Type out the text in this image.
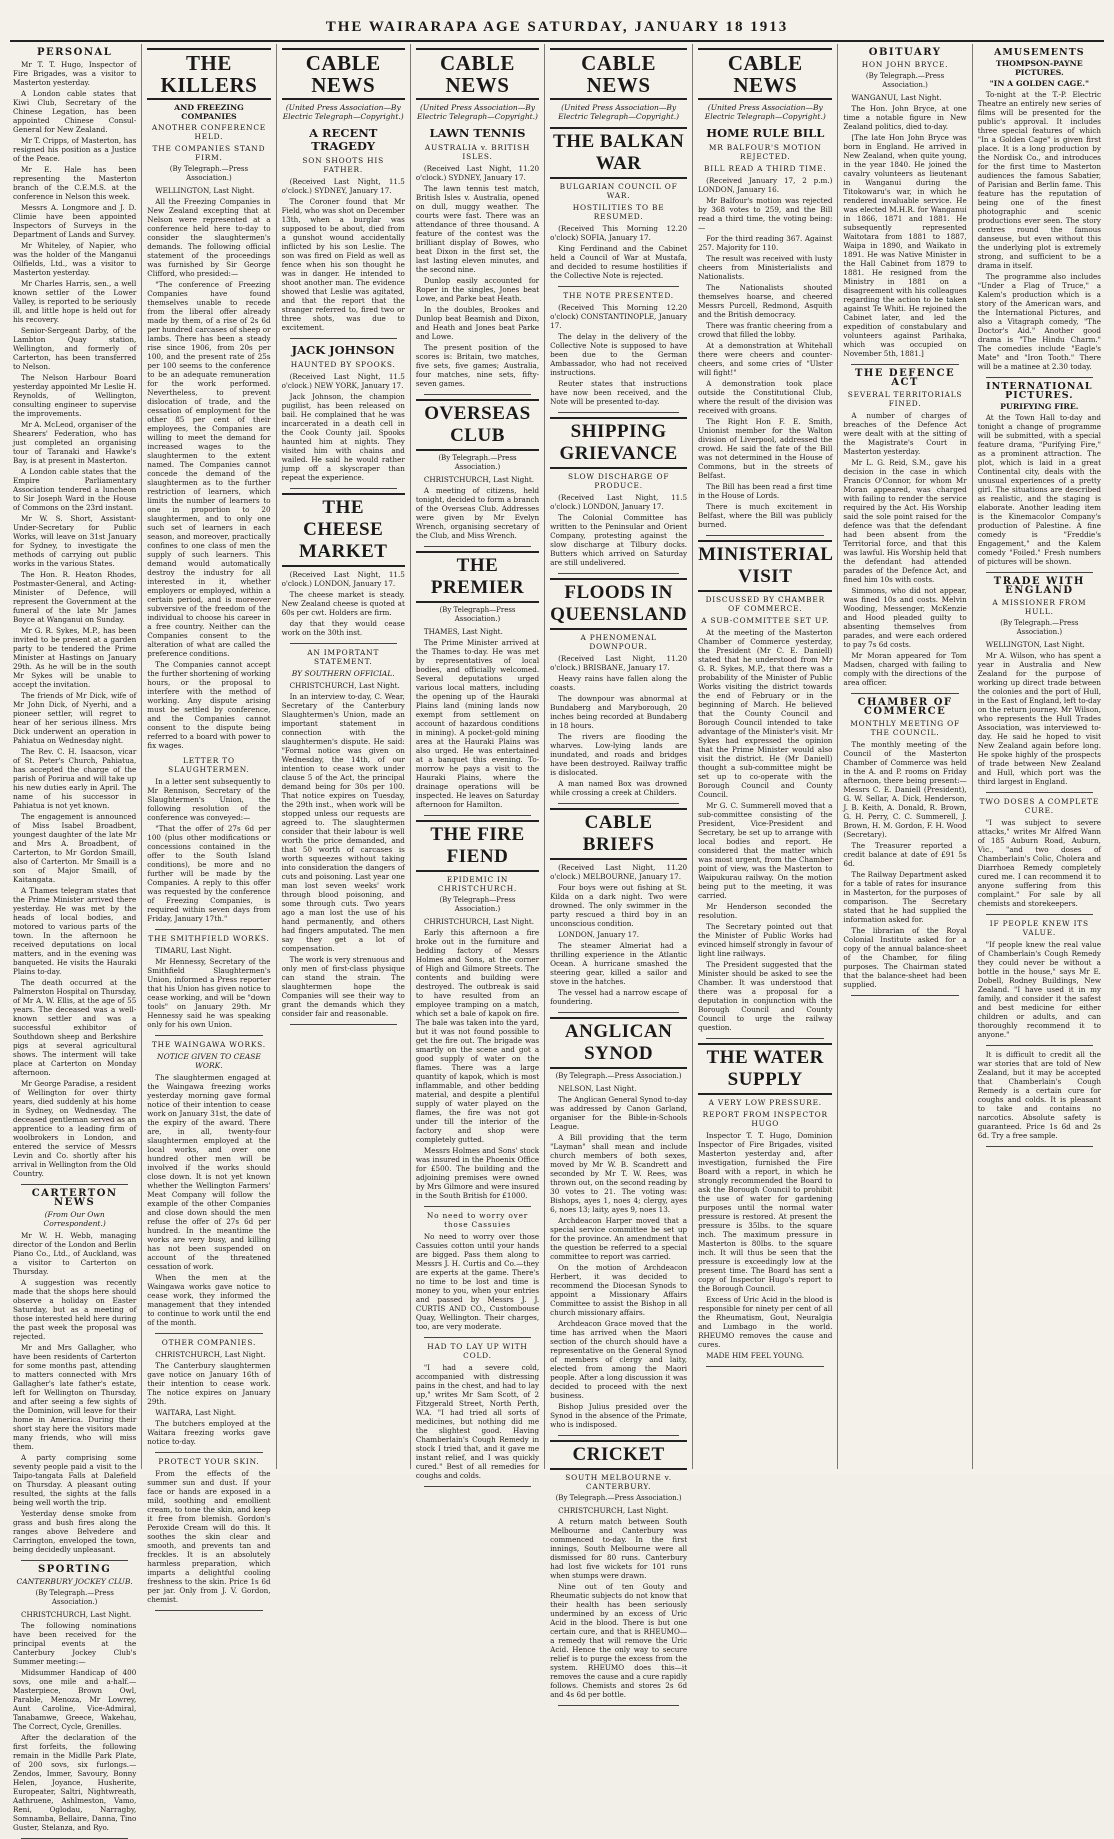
THE WAIRARAPA AGE SATURDAY, JANUARY 18 1913
PERSONAL

Mr T. T. Hugo, Inspector of Fire Brigades, was a visitor to Masterton yesterday.

A London cable states that Kiwi Club, Secretary of the Chinese Legation, has been appointed Chinese Consul-General for New Zealand.

Mr T. Cripps, of Masterton, has resigned his position as a Justice of the Peace.

Mr E. Hale has been representing the Masterton branch of the C.E.M.S. at the conference in Nelson this week.

Messrs A. Longmore and J. D. Climie have been appointed Inspectors of Surveys in the Department of Lands and Survey.

Mr Whiteley, of Napier, who was the holder of the Manganui Oilfields, Ltd., was a visitor to Masterton yesterday.

Mr Charles Harris, sen., a well known settler of the Lower Valley, is reported to be seriously ill, and little hope is held out for his recovery.

Senior-Sergeant Darby, of the Lambton Quay station, Wellington, and formerly of Carterton, has been transferred to Nelson.

The Nelson Harbour Board yesterday appointed Mr Leslie H. Reynolds, of Wellington, consulting engineer to supervise the improvements.

Mr A. McLeod, organiser of the Shearers' Federation, who has just completed an organising tour of Taranaki and Hawke's Bay, is at present in Masterton.

A London cable states that the Empire Parliamentary Association tendered a luncheon to Sir Joseph Ward in the House of Commons on the 23rd instant.

Mr W. S. Short, Assistant-Under-Secretary for Public Works, will leave on 31st January for Sydney, to investigate the methods of carrying out public works in the various States.

The Hon. R. Heaton Rhodes, Postmaster-General, and Acting-Minister of Defence, will represent the Government at the funeral of the late Mr James Boyce at Wanganui on Sunday.

Mr G. R. Sykes, M.P., has been invited to be present at a garden party to be tendered the Prime Minister at Hastings on January 29th. As he will be in the south Mr Sykes will be unable to accept the invitation.

The friends of Mr Dick, wife of Mr John Dick, of Nyerhi, and a pioneer settler, will regret to hear of her serious illness. Mrs Dick underwent an operation in Pahiatua on Wednesday night.

The Rev. C. H. Isaacson, vicar of St. Peter's Church, Pahiatua, has accepted the charge of the parish of Porirua and will take up his new duties early in April. The name of his successor in Pahiatua is not yet known.

The engagement is announced of Miss Isabel Broadbent, youngest daughter of the late Mr and Mrs A. Broadbent, of Carterton, to Mr Gordon Smaill, also of Carterton. Mr Smaill is a son of Major Smaill, of Kaitangata.

A Thames telegram states that the Prime Minister arrived there yesterday. He was met by the heads of local bodies, and motored to various parts of the town. In the afternoon he received deputations on local matters, and in the evening was banqueted. He visits the Hauraki Plains to-day.

The death occurred at the Palmerston Hospital on Thursday, of Mr A. W. Ellis, at the age of 55 years. The deceased was a well-known settler and was a successful exhibitor of Southdown sheep and Berkshire pigs at several agricultural shows. The interment will take place at Carterton on Monday afternoon.

Mr George Paradise, a resident of Wellington for over thirty years, died suddenly at his home in Sydney, on Wednesday. The deceased gentleman served as an apprentice to a leading firm of woolbrokers in London, and entered the service of Messrs Levin and Co. shortly after his arrival in Wellington from the Old Country.

CARTERTON NEWS
(From Our Own Correspondent.)

Mr W. H. Webb, managing director of the London and Berlin Piano Co., Ltd., of Auckland, was a visitor to Carterton on Thursday.

A suggestion was recently made that the shops here should observe a holiday on Easter Saturday, but as a meeting of those interested held here during the past week the proposal was rejected.

Mr and Mrs Gallagher, who have been residents of Carterton for some months past, attending to matters connected with Mrs Gallagher's late father's estate, left for Wellington on Thursday, and after seeing a few sights of the Dominion, will leave for their home in America. During their short stay here the visitors made many friends, who will miss them.

A party comprising some seventy people paid a visit to the Taipo-tangata Falls at Dalefield on Thursday. A pleasant outing resulted, the sights at the falls being well worth the trip.

Yesterday dense smoke from grass and bush fires along the ranges above Belvedere and Carrington, enveloped the town, being decidedly unpleasant.

SPORTING
CANTERBURY JOCKEY CLUB.
(By Telegraph.—Press Association.)

CHRISTCHURCH, Last Night.

The following nominations have been received for the principal events at the Canterbury Jockey Club's Summer meeting:—

Midsummer Handicap of 400 sovs, one mile and a-half.—Masterpiece, Brown Owl, Parable, Menoza, Mr Lowrey, Aunt Caroline, Vice-Admiral, Tanabamwe, Greece, Wakehau, The Correct, Cycle, Grenilles.

After the declaration of the first forfeits, the following remain in the Midlle Park Plate, of 200 sovs, six furlongs.—Zendos, Immer, Savoury, Bonny Helen, Joyance, Husherite, Europeater, Saltri, Nightwreath, Aathruene, Ashlmeston, Vamo, Reni, Oglodau, Narragby, Somnamba, Bellaire, Danna, Tino Guster, Stelanza, and Ryo.

THE KILLERS
AND FREEZING COMPANIES
ANOTHER CONFERENCE HELD.
THE COMPANIES STAND FIRM.
(By Telegraph.—Press Association.)

WELLINGTON, Last Night.

All the Freezing Companies in New Zealand excepting that at Nelson were represented at a conference held here to-day to consider the slaughtermen's demands. The following official statement of the proceedings was furnished by Sir George Clifford, who presided:—

"The conference of Freezing Companies have found themselves unable to recede from the liberal offer already made by them, of a rise of 2s 6d per hundred carcases of sheep or lambs. There has been a steady rise since 1906, from 20s per 100, and the present rate of 25s per 100 seems to the conference to be an adequate remuneration for the work performed. Nevertheless, to prevent dislocation of trade, and the cessation of employment for the other 85 per cent of their employees, the Companies are willing to meet the demand for increased wages to the slaughtermen to the extent named. The Companies cannot concede the demand of the slaughtermen as to the further restriction of learners, which limits the number of learners to one in proportion to 20 slaughtermen, and to only one such set of learners in each season, and moreover, practically confines to one class of men the supply of such learners. This demand would automatically destroy the industry for all interested in it, whether employers or employed, within a certain period, and is moreover subversive of the freedom of the individual to choose his career in a free country. Neither can the Companies consent to the alteration of what are called the preference conditions.

The Companies cannot accept the further shortening of working hours, or the proposal to interfere with the method of working. Any dispute arising must be settled by conference, and the Companies cannot consent to the dispute being referred to a board with power to fix wages.

LETTER TO SLAUGHTERMEN.

In a letter sent subsequently to Mr Rennison, Secretary of the Slaughtermen's Union, the following resolution of the conference was conveyed:—

"That the offer of 27s 6d per 100 (plus other modifications or concessions contained in the offer to the South Island conditions), be more and no further will be made by the Companies. A reply to this offer was requested by the conference of Freezing Companies, is required within seven days from Friday, January 17th."

THE SMITHFIELD WORKS.

TIMARU, Last Night.

Mr Hennessy, Secretary of the Smithfield Slaughtermen's Union, informed a Press reporter that his Union has given notice to cease working, and will be "down tools" on January 29th. Mr Hennessy said he was speaking only for his own Union.

THE WAINGAWA WORKS.
NOTICE GIVEN TO CEASE WORK.

The slaughtermen engaged at the Waingawa freezing works yesterday morning gave formal notice of their intention to cease work on January 31st, the date of the expiry of the award. There are, in all, twenty-four slaughtermen employed at the local works, and over one hundred other men will be involved if the works should close down. It is not yet known whether the Wellington Farmers' Meat Company will follow the example of the other Companies and close down should the men refuse the offer of 27s 6d per hundred. In the meantime the works are very busy, and killing has not been suspended on account of the threatened cessation of work.

When the men at the Waingawa works gave notice to cease work, they informed the management that they intended to continue to work until the end of the month.

OTHER COMPANIES.

CHRISTCHURCH, Last Night.

The Canterbury slaughtermen gave notice on January 16th of their intention to cease work. The notice expires on January 29th.

WAITARA, Last Night.

The butchers employed at the Waitara freezing works gave notice to-day.

PROTECT YOUR SKIN.

From the effects of the summer sun and dust. If your face or hands are exposed in a mild, soothing and emollient cream, to tone the skin, and keep it free from blemish. Gordon's Peroxide Cream will do this. It soothes the skin clear and smooth, and prevents tan and freckles. It is an absolutely harmless preparation, which imparts a delightful cooling freshness to the skin. Price 1s 6d per jar. Only from J. V. Gordon, chemist.

CABLE NEWS
(United Press Association—By Electric Telegraph—Copyright.)
A RECENT TRAGEDY
SON SHOOTS HIS FATHER.

(Received Last Night, 11.5 o'clock.) SYDNEY, January 17.

The Coroner found that Mr Field, who was shot on December 13th, when a burglar was supposed to be about, died from a gunshot wound accidentally inflicted by his son Leslie. The son was fired on Field as well as fence when his son thought he was in danger. He intended to shoot another man. The evidence showed that Leslie was agitated, and that the report that the stranger referred to, fired two or three shots, was due to excitement.

JACK JOHNSON
HAUNTED BY SPOOKS.

(Received Last Night, 11.5 o'clock.) NEW YORK, January 17.

Jack Johnson, the champion pugilist, has been released on bail. He complained that he was incarcerated in a death cell in the Cook County jail. Spooks haunted him at nights. They visited him with chains and wailed. He said he would rather jump off a skyscraper than repeat the experience.

THE CHEESE MARKET

(Received Last Night, 11.5 o'clock.) LONDON, January 17.

The cheese market is steady. New Zealand cheese is quoted at 60s per cwt. Holders are firm.

day that they would cease work on the 30th inst.

AN IMPORTANT STATEMENT.
BY SOUTHERN OFFICIAL.

CHRISTCHURCH, Last Night.

In an interview to-day, C. Wear, Secretary of the Canterbury Slaughtermen's Union, made an important statement in connection with the slaughtermen's dispute. He said: "Formal notice was given on Wednesday, the 14th, of our intention to cease work under clause 5 of the Act, the principal demand being for 30s per 100. That notice expires on Tuesday, the 29th inst., when work will be stopped unless our requests are agreed to. The slaughtermen consider that their labour is well worth the price demanded, and that 50 worth of carcases is worth squeezes without taking into consideration the dangers of cuts and poisoning. Last year one man lost seven weeks' work through blood poisoning, and some through cuts. Two years ago a man lost the use of his hand permanently, and others had fingers amputated. The men say they get a lot of compensation.

The work is very strenuous and only men of first-class physique can stand the strain. The slaughtermen hope the Companies will see their way to grant the demands which they consider fair and reasonable.

CABLE NEWS
(United Press Association—By Electric Telegraph—Copyright.)
LAWN TENNIS
AUSTRALIA v. BRITISH ISLES.

(Received Last Night, 11.20 o'clock.) SYDNEY, January 17.

The lawn tennis test match, British Isles v. Australia, opened on dull, muggy weather. The courts were fast. There was an attendance of three thousand. A feature of the contest was the brilliant display of Bowes, who beat Dixon in the first set, the last lasting eleven minutes, and the second nine.

Dunlop easily accounted for Roper in the singles, Jones beat Lowe, and Parke beat Heath.

In the doubles, Brookes and Dunlop beat Beamish and Dixon, and Heath and Jones beat Parke and Lowe.

The present position of the scores is: Britain, two matches, five sets, five games; Australia, four matches, nine sets, fifty-seven games.

OVERSEAS CLUB
(By Telegraph.—Press Association.)

CHRISTCHURCH, Last Night.

A meeting of citizens, held tonight, decided to form a branch of the Overseas Club. Addresses were given by Mr Evelyn Wrench, organising secretary of the Club, and Miss Wrench.

THE PREMIER
(By Telegraph—Press Association.)

THAMES, Last Night.

The Prime Minister arrived at the Thames to-day. He was met by representatives of local bodies, and officially welcomed. Several deputations urged various local matters, including the opening up of the Hauraki Plains land (mining lands now exempt from settlement on account of hazardous conditions in mining). A pocket-gold mining area at the Hauraki Plains was also urged. He was entertained at a banquet this evening. To-morrow he pays a visit to the Hauraki Plains, where the drainage operations will be inspected. He leaves on Saturday afternoon for Hamilton.

THE FIRE FIEND
EPIDEMIC IN CHRISTCHURCH.
(By Telegraph—Press Association.)

CHRISTCHURCH, Last Night.

Early this afternoon a fire broke out in the furniture and bedding factory of Messrs Holmes and Sons, at the corner of High and Gilmore Streets. The contents and building were destroyed. The outbreak is said to have resulted from an employee tramping on a match, which set a bale of kapok on fire. The bale was taken into the yard, but it was not found possible to get the fire out. The brigade was smartly on the scene and got a good supply of water on the flames. There was a large quantity of kapok, which is most inflammable, and other bedding material, and despite a plentiful supply of water played on the flames, the fire was not got under till the interior of the factory and shop were completely gutted.

Messrs Holmes and Sons' stock was insured in the Phoenix Office for £500. The building and the adjoining premises were owned by Mrs Gilmore and were insured in the South British for £1000.

No need to worry over those Cassuies

No need to worry over those Cassuies cotton until your hands are bigged. Pass them along to Messrs J. H. Curtis and Co.—they are experts at the game. There's no time to be lost and time is money to you, when your entries and passed by Messrs J. J. CURTIS AND CO., Custombouse Quay, Wellington. Their charges, too, are very moderate.

HAD TO LAY UP WITH COLD.

"I had a severe cold, accompanied with distressing pains in the chest, and had to lay up," writes Mr Sam Scott, of 2 Fitzgerald Street, North Perth, W.A. "I had tried all sorts of medicines, but nothing did me the slightest good. Having Chamberlain's Cough Remedy in stock I tried that, and it gave me instant relief, and I was quickly cured." Best of all remedies for coughs and colds.

CABLE NEWS
(United Press Association—By Electric Telegraph—Copyright.)
THE BALKAN WAR
BULGARIAN COUNCIL OF WAR.
HOSTILITIES TO BE RESUMED.

(Received This Morning 12.20 o'clock) SOFIA, January 17.

King Ferdinand and the Cabinet held a Council of War at Mustafa, and decided to resume hostilities if the Collective Note is rejected.

THE NOTE PRESENTED.

(Received This Morning 12.20 o'clock) CONSTANTINOPLE, January 17.

The delay in the delivery of the Collective Note is supposed to have been due to the German Ambassador, who had not received instructions.

Reuter states that instructions have now been received, and the Note will be presented to-day.

SHIPPING GRIEVANCE
SLOW DISCHARGE OF PRODUCE.

(Received Last Night, 11.5 o'clock.) LONDON, January 17.

The Colonial Committee has written to the Peninsular and Orient Company, protesting against the slow discharge at Tilbury docks. Butters which arrived on Saturday are still undelivered.

FLOODS IN QUEENSLAND
A PHENOMENAL DOWNPOUR.

(Received Last Night, 11.20 o'clock.) BRISBANE, January 17.

Heavy rains have fallen along the coasts.

The downpour was abnormal at Bundaberg and Maryborough, 20 inches being recorded at Bundaberg in 18 hours.

The rivers are flooding the wharves. Low-lying lands are inundated, and roads and bridges have been destroyed. Railway traffic is dislocated.

A man named Box was drowned while crossing a creek at Childers.

CABLE BRIEFS

(Received Last Night, 11.20 o'clock.) MELBOURNE, January 17.

Four boys were out fishing at St. Kilda on a dark night. Two were drowned. The only swimmer in the party rescued a third boy in an unconscious condition.

LONDON, January 17.

The steamer Almeriat had a thrilling experience in the Atlantic Ocean. A hurricane smashed the steering gear, killed a sailor and stove in the hatches.

The vessel had a narrow escape of foundering.

ANGLICAN SYNOD
(By Telegraph.—Press Association.)

NELSON, Last Night.

The Anglican General Synod to-day was addressed by Canon Garland, organiser for the Bible-in-Schools League.

A Bill providing that the term "Layman" shall mean and include church members of both sexes, moved by Mr W. B. Scandrett and seconded by Mr T. W. Rees, was thrown out, on the second reading by 30 votes to 21. The voting was: Bishops, ayes 1, noes 4; clergy, ayes 6, noes 13; laity, ayes 9, noes 13.

Archdeacon Harper moved that a special service committee be set up for the province. An amendment that the question be referred to a special committee to report was carried.

On the motion of Archdeacon Herbert, it was decided to recommend the Diocesan Synods to appoint a Missionary Affairs Committee to assist the Bishop in all church missionary affairs.

Archdeacon Grace moved that the time has arrived when the Maori section of the church should have a representative on the General Synod of members of clergy and laity, elected from among the Maori people. After a long discussion it was decided to proceed with the next business.

Bishop Julius presided over the Synod in the absence of the Primate, who is indisposed.

CRICKET
SOUTH MELBOURNE v. CANTERBURY.
(By Telegraph.—Press Association.)

CHRISTCHURCH, Last Night.

A return match between South Melbourne and Canterbury was commenced to-day. In the first innings, South Melbourne were all dismissed for 80 runs. Canterbury had lost five wickets for 101 runs when stumps were drawn.

Nine out of ten Gouty and Rheumatic subjects do not know that their health has been seriously undermined by an excess of Uric Acid in the blood. There is but one certain cure, and that is RHEUMO—a remedy that will remove the Uric Acid. Hence the only way to secure relief is to purge the excess from the system. RHEUMO does this—it removes the cause and a cure rapidly follows. Chemists and stores 2s 6d and 4s 6d per bottle.

CABLE NEWS
(United Press Association—By Electric Telegraph—Copyright.)
HOME RULE BILL
MR BALFOUR'S MOTION REJECTED.
BILL READ A THIRD TIME.

(Received January 17, 2 p.m.) LONDON, January 16.

Mr Balfour's motion was rejected by 368 votes to 259, and the Bill read a third time, the voting being:—

For the third reading 367. Against 257. Majority for 110.

The result was received with lusty cheers from Ministerialists and Nationalists.

The Nationalists shouted themselves hoarse, and cheered Messrs Purcell, Redmond, Asquith and the British democracy.

There was frantic cheering from a crowd that filled the lobby.

At a demonstration at Whitehall there were cheers and counter-cheers, and some cries of "Ulster will fight!"

A demonstration took place outside the Constitutional Club, where the result of the division was received with groans.

The Right Hon F. E. Smith, Unionist member for the Walton division of Liverpool, addressed the crowd. He said the fate of the Bill was not determined in the House of Commons, but in the streets of Belfast.

The Bill has been read a first time in the House of Lords.

There is much excitement in Belfast, where the Bill was publicly burned.

MINISTERIAL VISIT
DISCUSSED BY CHAMBER OF COMMERCE.
A SUB-COMMITTEE SET UP.

At the meeting of the Masterton Chamber of Commerce yesterday, the President (Mr C. E. Daniell) stated that he understood from Mr G. R. Sykes, M.P., that there was a probability of the Minister of Public Works visiting the district towards the end of February or in the beginning of March. He believed that the County Council and Borough Council intended to take advantage of the Minister's visit. Mr Sykes had expressed the opinion that the Prime Minister would also visit the district. He (Mr Daniell) thought a sub-committee might be set up to co-operate with the Borough Council and County Council.

Mr G. C. Summerell moved that a sub-committee consisting of the President, Vice-President and Secretary, be set up to arrange with local bodies and report. He considered that the matter which was most urgent, from the Chamber point of view, was the Masterton to Waipukurau railway. On the motion being put to the meeting, it was carried.

Mr Henderson seconded the resolution.

The Secretary pointed out that the Minister of Public Works had evinced himself strongly in favour of light line railways.

The President suggested that the Minister should be asked to see the Chamber. It was understood that there was a proposal for a deputation in conjunction with the Borough Council and County Council to urge the railway question.

THE WATER SUPPLY
A VERY LOW PRESSURE.
REPORT FROM INSPECTOR HUGO

Inspector T. T. Hugo, Dominion Inspector of Fire Brigades, visited Masterton yesterday and, after investigation, furnished the Fire Board with a report, in which he strongly recommended the Board to ask the Borough Council to prohibit the use of water for gardening purposes until the normal water pressure is restored. At present the pressure is 35lbs. to the square inch. The maximum pressure in Masterton is 80lbs. to the square inch. It will thus be seen that the pressure is exceedingly low at the present time. The Board has sent a copy of Inspector Hugo's report to the Borough Council.

Excess of Uric Acid in the blood is responsible for ninety per cent of all the Rheumatism, Gout, Neuralgia and Lumbago in the world. RHEUMO removes the cause and cures.

MADE HIM FEEL YOUNG.

OBITUARY
HON JOHN BRYCE.
(By Telegraph.—Press Association.)

WANGANUI, Last Night.

The Hon. John Bryce, at one time a notable figure in New Zealand politics, died to-day.

[The late Hon John Bryce was born in England. He arrived in New Zealand, when quite young, in the year 1840. He joined the cavalry volunteers as lieutenant in Wanganui during the Titokowaru's war, in which he rendered invaluable service. He was elected M.H.R. for Wanganui in 1866, 1871 and 1881. He subsequently represented Waitotara from 1881 to 1887, Waipa in 1890, and Waikato in 1891. He was Native Minister in the Hall Cabinet from 1879 to 1881. He resigned from the Ministry in 1881 on a disagreement with his colleagues regarding the action to be taken against Te Whiti. He rejoined the Cabinet later, and led the expedition of constabulary and volunteers against Parihaka, which was occupied on November 5th, 1881.]

THE DEFENCE ACT
SEVERAL TERRITORIALS FINED.

A number of charges of breaches of the Defence Act were dealt with at the sitting of the Magistrate's Court in Masterton yesterday.

Mr L. G. Reid, S.M., gave his decision in the case in which Francis O'Connor, for whom Mr Moran appeared, was charged with failing to render the service required by the Act. His Worship said the sole point raised for the defence was that the defendant had been absent from the Territorial force, and that this was lawful. His Worship held that the defendant had attended parades of the Defence Act, and fined him 10s with costs.

Simmons, who did not appear, was fined 10s and costs. Melvin Wooding, Messenger, McKenzie and Hood pleaded guilty to absenting themselves from parades, and were each ordered to pay 7s 6d costs.

Mr Moran appeared for Tom Madsen, charged with failing to comply with the directions of the area officer.

CHAMBER OF COMMERCE
MONTHLY MEETING OF THE COUNCIL.

The monthly meeting of the Council of the Masterton Chamber of Commerce was held in the A. and P. rooms on Friday afternoon, there being present:—Messrs C. E. Daniell (President), G. W. Sellar, A. Dick, Henderson, J. B. Keith, A. Donald, R. Brown, G. H. Perry, C. C. Summerell, J. Brown, H. M. Gordon, F. H. Wood (Secretary).

The Treasurer reported a credit balance at date of £91 5s 6d.

The Railway Department asked for a table of rates for insurance in Masterton, for the purposes of comparison. The Secretary stated that he had supplied the information asked for.

The librarian of the Royal Colonial Institute asked for a copy of the annual balance-sheet of the Chamber, for filing purposes. The Chairman stated that the balance-sheet had been supplied.

AMUSEMENTS
THOMPSON-PAYNE PICTURES.
"IN A GOLDEN CAGE."

To-night at the T.-P. Electric Theatre an entirely new series of films will be presented for the public's approval. It includes three special features of which "In a Golden Cage" is given first place. It is a long production by the Nordisk Co., and introduces for the first time to Masterton audiences the famous Sabatier, of Parisian and Berlin fame. This feature has the reputation of being one of the finest photographic and scenic productions ever seen. The story centres round the famous danseuse, but even without this the underlying plot is extremely strong, and sufficient to be a drama in itself.

The programme also includes "Under a Flag of Truce," a Kalem's production which is a story of the American wars, and the International Pictures, and also a Vitagraph comedy, "The Doctor's Aid." Another good drama is "The Hindu Charm." The comedies include "Eagle's Mate" and "Iron Tooth." There will be a matinee at 2.30 today.

INTERNATIONAL PICTURES.
PURIFYING FIRE.

At the Town Hall to-day and tonight a change of programme will be submitted, with a special feature drama, "Purifying Fire," as a prominent attraction. The plot, which is laid in a great Continental city, deals with the unusual experiences of a pretty girl. The situations are described as realistic, and the staging is elaborate. Another leading item is the Kinemacolor Company's production of Palestine. A fine comedy is "Freddie's Engagement," and the Kalem comedy "Foiled." Fresh numbers of pictures will be shown.

TRADE WITH ENGLAND
A MISSIONER FROM HULL.
(By Telegraph.—Press Association.)

WELLINGTON, Last Night.

Mr A. Wilson, who has spent a year in Australia and New Zealand for the purpose of working up direct trade between the colonies and the port of Hull, in the East of England, left to-day on the return journey. Mr Wilson, who represents the Hull Trades Association, was interviewed to-day. He said he hoped to visit New Zealand again before long. He spoke highly of the prospects of trade between New Zealand and Hull, which port was the third largest in England.

TWO DOSES A COMPLETE CURE.

"I was subject to severe attacks," writes Mr Alfred Wann of 185 Auburn Road, Auburn, Vic., "and two doses of Chamberlain's Colic, Cholera and Diarrhoea Remedy completely cured me. I can recommend it to anyone suffering from this complaint." For sale by all chemists and storekeepers.

IF PEOPLE KNEW ITS VALUE.

"If people knew the real value of Chamberlain's Cough Remedy they could never be without a bottle in the house," says Mr E. Dobell, Rodney Buildings, New Zealand. "I have used it in my family, and consider it the safest and best medicine for either children or adults, and can thoroughly recommend it to anyone."

It is difficult to credit all the war stories that are told of New Zealand, but it may be accepted that Chamberlain's Cough Remedy is a certain cure for coughs and colds. It is pleasant to take and contains no narcotics. Absolute safety is guaranteed. Price 1s 6d and 2s 6d. Try a free sample.
